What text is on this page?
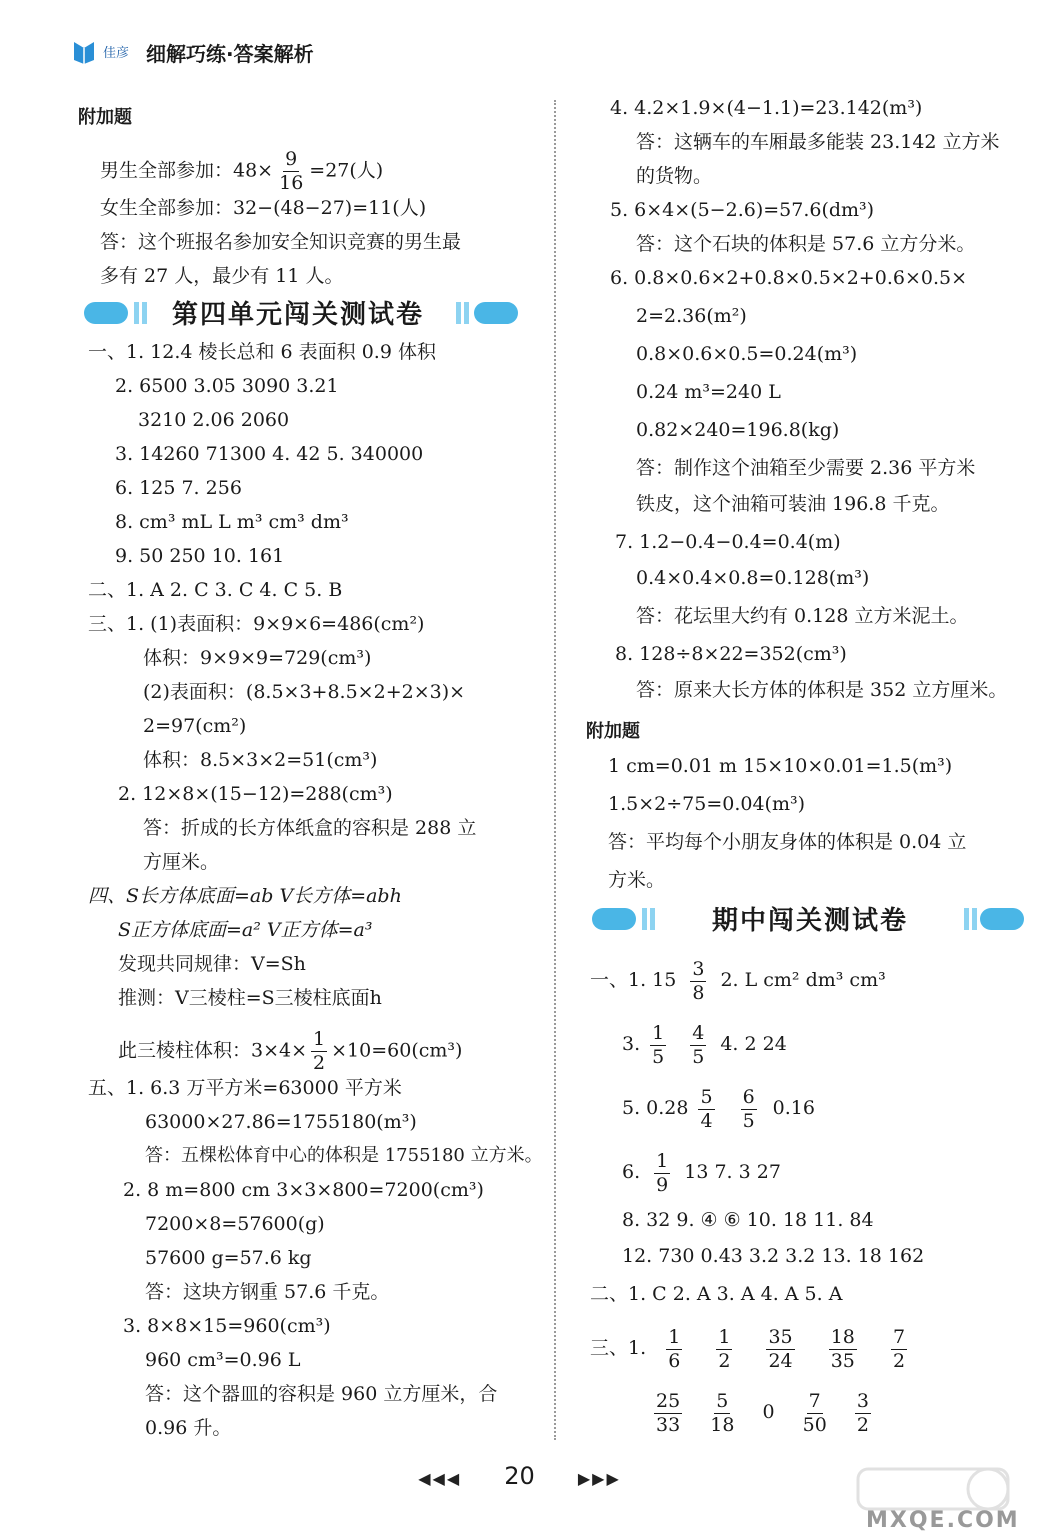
佳彦 细解巧练·答案解析
附加题
男生全部参加：$48\times \frac{9}{16} =27$(人)
女生全部参加：32−(48−27)=11(人)
答：这个班报名参加安全知识竞赛的男生最
多有 27 人，最少有 11 人。
第四单元闯关测试卷
一、1. 12.4 棱长总和 6 表面积 0.9 体积
2. 6500 3.05 3090 3.21
3210 2.06 2060
3. 14260 71300 4. 42 5. 340000
6. 125 7. 256
8. cm³ mL L m³ cm³ dm³
9. 50 250 10. 161
二、1. A 2. C 3. C 4. C 5. B
三、1. (1)表面积：9×9×6=486(cm²)
体积：9×9×9=729(cm³)
(2)表面积：(8.5×3+8.5×2+2×3)×
2=97(cm²)
体积：8.5×3×2=51(cm³)
2. 12×8×(15−12)=288(cm³)
答：折成的长方体纸盒的容积是 288 立
方厘米。
四、S长方体底面=ab V长方体=abh
S正方体底面=a² V正方体=a³
发现共同规律：V=Sh
推测：V三棱柱=S三棱柱底面h
此三棱柱体积：$3\times 4\times \frac{1}{2} \times 10=60(cm^3)$
五、1. 6.3 万平方米=63000 平方米
63000×27.86=1755180(m³)
答：五棵松体育中心的体积是 1755180 立方米。
2. 8 m=800 cm 3×3×800=7200(cm³)
7200×8=57600(g)
57600 g=57.6 kg
答：这块方钢重 57.6 千克。
3. 8×8×15=960(cm³)
960 cm³=0.96 L
答：这个器皿的容积是 960 立方厘米，合
0.96 升。
4. 4.2×1.9×(4−1.1)=23.142(m³)
答：这辆车的车厢最多能装 23.142 立方米
的货物。
5. 6×4×(5−2.6)=57.6(dm³)
答：这个石块的体积是 57.6 立方分米。
6. 0.8×0.6×2+0.8×0.5×2+0.6×0.5×
2=2.36(m²)
0.8×0.6×0.5=0.24(m³)
0.24 m³=240 L
0.82×240=196.8(kg)
答：制作这个油箱至少需要 2.36 平方米
铁皮，这个油箱可装油 196.8 千克。
7. 1.2−0.4−0.4=0.4(m)
0.4×0.4×0.8=0.128(m³)
答：花坛里大约有 0.128 立方米泥土。
8. 128÷8×22=352(cm³)
答：原来大长方体的体积是 352 立方厘米。
附加题
1 cm=0.01 m 15×10×0.01=1.5(m³)
1.5×2÷75=0.04(m³)
答：平均每个小朋友身体的体积是 0.04 立
方米。
期中闯关测试卷
一、1. $15 \frac{3}{8} 2$. L cm² dm³ cm³
3. $\frac{1}{5} \frac{4}{5} 4$. 2 24
5. $0.28 \frac{5}{4} \frac{6}{5} 0.16$
6. $\frac{1}{9} 13$ 7. 3 27
8. 32 9. ④ ⑥ 10. 18 11. 84
12. 730 0.43 3.2 3.2 13. 18 162
二、1. C 2. A 3. A 4. A 5. A
三、1. $\frac{1}{6}$
$\frac{1}{2}$
$\frac{35}{24}$
$\frac{18}{35}$
$\frac{7}{2}$
$\frac{25}{33}$
$\frac{5}{18} 0 \frac{7}{50}$
$\frac{3}{2}$
◀◀◀ 20	▶▶▶
MXQE.COM
